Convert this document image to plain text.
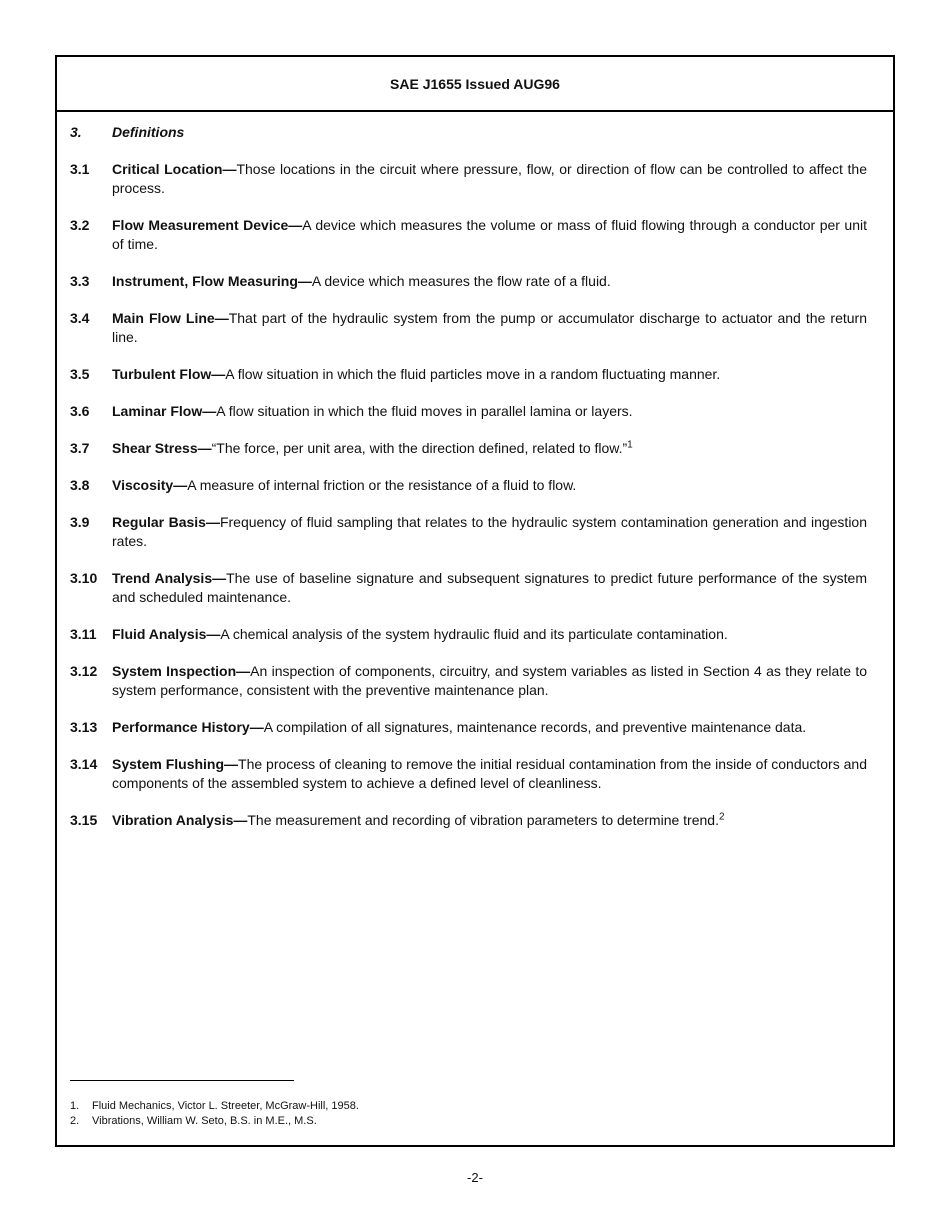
SAE J1655 Issued AUG96
3.	Definitions
3.1	Critical Location—Those locations in the circuit where pressure, flow, or direction of flow can be controlled to affect the process.
3.2	Flow Measurement Device—A device which measures the volume or mass of fluid flowing through a conductor per unit of time.
3.3	Instrument, Flow Measuring—A device which measures the flow rate of a fluid.
3.4	Main Flow Line—That part of the hydraulic system from the pump or accumulator discharge to actuator and the return line.
3.5	Turbulent Flow—A flow situation in which the fluid particles move in a random fluctuating manner.
3.6	Laminar Flow—A flow situation in which the fluid moves in parallel lamina or layers.
3.7	Shear Stress—“The force, per unit area, with the direction defined, related to flow.”$^1$
3.8	Viscosity—A measure of internal friction or the resistance of a fluid to flow.
3.9	Regular Basis—Frequency of fluid sampling that relates to the hydraulic system contamination generation and ingestion rates.
3.10	Trend Analysis—The use of baseline signature and subsequent signatures to predict future performance of the system and scheduled maintenance.
3.11	Fluid Analysis—A chemical analysis of the system hydraulic fluid and its particulate contamination.
3.12	System Inspection—An inspection of components, circuitry, and system variables as listed in Section 4 as they relate to system performance, consistent with the preventive maintenance plan.
3.13	Performance History—A compilation of all signatures, maintenance records, and preventive maintenance data.
3.14	System Flushing—The process of cleaning to remove the initial residual contamination from the inside of conductors and components of the assembled system to achieve a defined level of cleanliness.
3.15	Vibration Analysis—The measurement and recording of vibration parameters to determine trend.$^2$
1.	Fluid Mechanics, Victor L. Streeter, McGraw-Hill, 1958.
2.	Vibrations, William W. Seto, B.S. in M.E., M.S.
-2-
